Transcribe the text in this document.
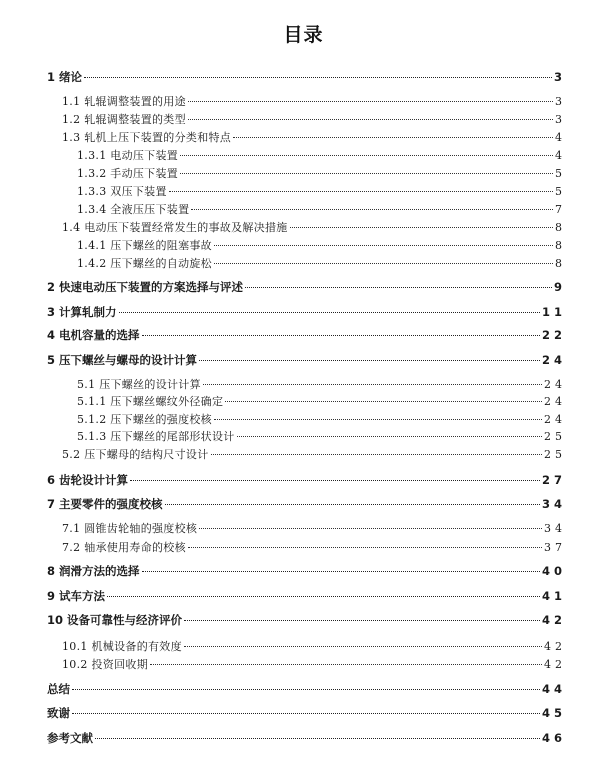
目录
1 绪论	3
1.1 轧辊调整装置的用途	3
1.2 轧辊调整装置的类型	3
1.3 轧机上压下装置的分类和特点	4
1.3.1 电动压下装置	4
1.3.2 手动压下装置	5
1.3.3 双压下装置	5
1.3.4 全液压压下装置	7
1.4 电动压下装置经常发生的事故及解决措施	8
1.4.1 压下螺丝的阻塞事故	8
1.4.2 压下螺丝的自动旋松	8
2 快速电动压下装置的方案选择与评述	9
3 计算轧制力	11
4 电机容量的选择	22
5 压下螺丝与螺母的设计计算	24
5.1 压下螺丝的设计计算	24
5.1.1 压下螺丝螺纹外径确定	24
5.1.2 压下螺丝的强度校核	24
5.1.3 压下螺丝的尾部形状设计	25
5.2 压下螺母的结构尺寸设计	25
6 齿轮设计计算	27
7 主要零件的强度校核	34
7.1 圆锥齿轮轴的强度校核	34
7.2 轴承使用寿命的校核	37
8 润滑方法的选择	40
9 试车方法	41
10 设备可靠性与经济评价	42
10.1 机械设备的有效度	42
10.2 投资回收期	42
总结	44
致谢	45
参考文献	46
